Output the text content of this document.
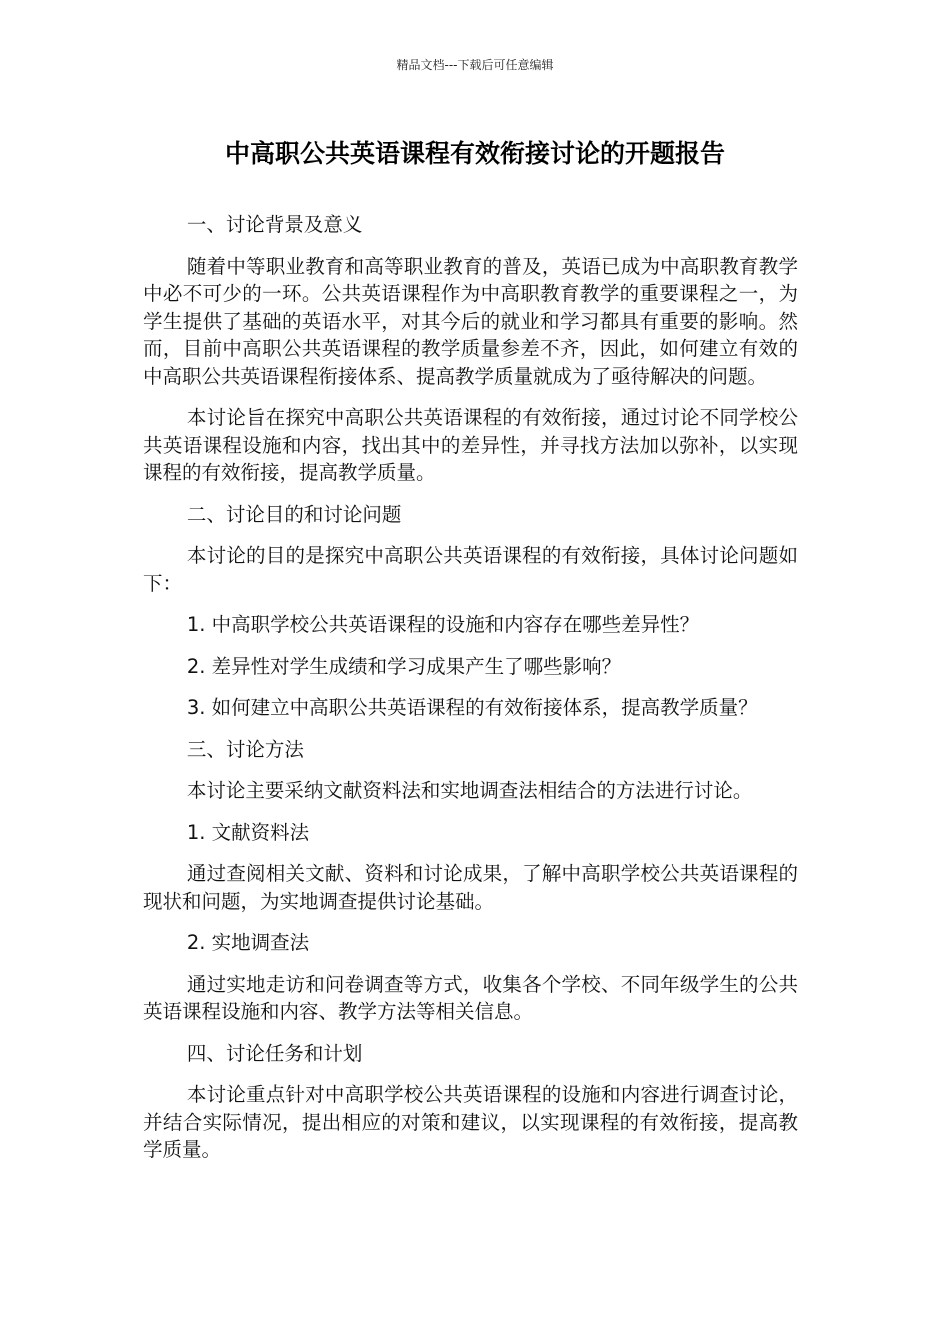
精品文档---下载后可任意编辑
中高职公共英语课程有效衔接讨论的开题报告

一、讨论背景及意义

随着中等职业教育和高等职业教育的普及，英语已成为中高职教育教学中必不可少的一环。公共英语课程作为中高职教育教学的重要课程之一，为学生提供了基础的英语水平，对其今后的就业和学习都具有重要的影响。然而，目前中高职公共英语课程的教学质量参差不齐，因此，如何建立有效的中高职公共英语课程衔接体系、提高教学质量就成为了亟待解决的问题。

本讨论旨在探究中高职公共英语课程的有效衔接，通过讨论不同学校公共英语课程设施和内容，找出其中的差异性，并寻找方法加以弥补，以实现课程的有效衔接，提高教学质量。

二、讨论目的和讨论问题

本讨论的目的是探究中高职公共英语课程的有效衔接，具体讨论问题如下：

1. 中高职学校公共英语课程的设施和内容存在哪些差异性？

2. 差异性对学生成绩和学习成果产生了哪些影响？

3. 如何建立中高职公共英语课程的有效衔接体系，提高教学质量？

三、讨论方法

本讨论主要采纳文献资料法和实地调查法相结合的方法进行讨论。

1. 文献资料法

通过查阅相关文献、资料和讨论成果，了解中高职学校公共英语课程的现状和问题，为实地调查提供讨论基础。

2. 实地调查法

通过实地走访和问卷调查等方式，收集各个学校、不同年级学生的公共英语课程设施和内容、教学方法等相关信息。

四、讨论任务和计划

本讨论重点针对中高职学校公共英语课程的设施和内容进行调查讨论，并结合实际情况，提出相应的对策和建议，以实现课程的有效衔接，提高教学质量。
